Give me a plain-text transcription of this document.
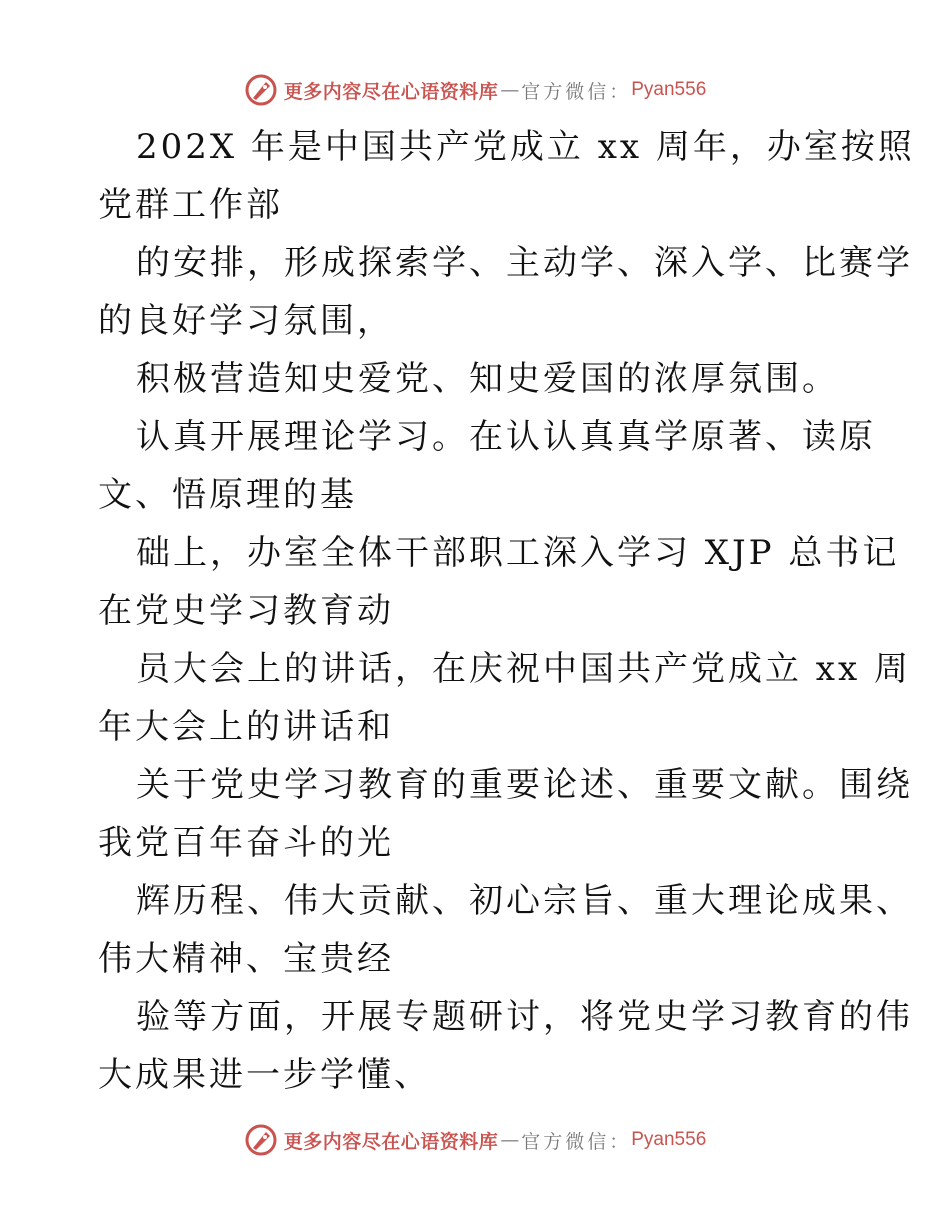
更多内容尽在心语资料库 — 官方微信： Pyan556
202X 年是中国共产党成立 xx 周年，办室按照
党群工作部
的安排，形成探索学、主动学、深入学、比赛学
的良好学习氛围，
积极营造知史爱党、知史爱国的浓厚氛围。
认真开展理论学习。在认认真真学原著、读原
文、悟原理的基
础上，办室全体干部职工深入学习 XJP 总书记
在党史学习教育动
员大会上的讲话，在庆祝中国共产党成立 xx 周
年大会上的讲话和
关于党史学习教育的重要论述、重要文献。围绕
我党百年奋斗的光
辉历程、伟大贡献、初心宗旨、重大理论成果、
伟大精神、宝贵经
验等方面，开展专题研讨，将党史学习教育的伟
大成果进一步学懂、
更多内容尽在心语资料库 — 官方微信： Pyan556
